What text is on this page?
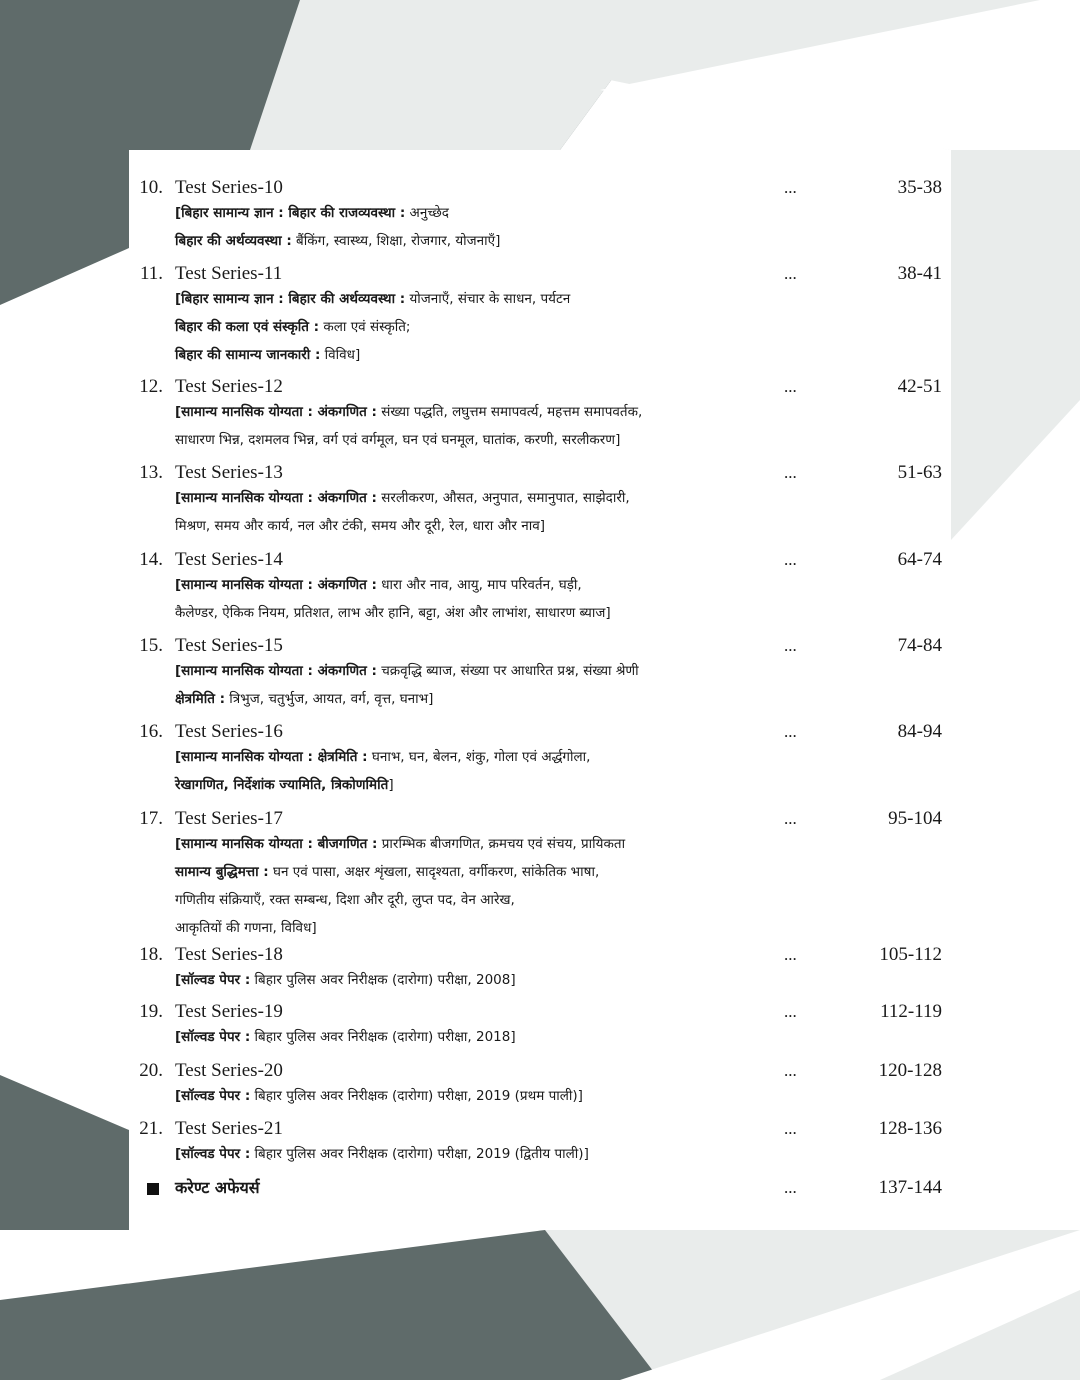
10. Test Series-10	...	35-38
[बिहार सामान्य ज्ञान : बिहार की राजव्यवस्था : अनुच्छेद
बिहार की अर्थव्यवस्था : बैंकिंग, स्वास्थ्य, शिक्षा, रोजगार, योजनाएँ]
11. Test Series-11	...	38-41
[बिहार सामान्य ज्ञान : बिहार की अर्थव्यवस्था : योजनाएँ, संचार के साधन, पर्यटन
बिहार की कला एवं संस्कृति : कला एवं संस्कृति;
बिहार की सामान्य जानकारी : विविध]
12. Test Series-12	...	42-51
[सामान्य मानसिक योग्यता : अंकगणित : संख्या पद्धति, लघुत्तम समापवर्त्य, महत्तम समापवर्तक,
साधारण भिन्न, दशमलव भिन्न, वर्ग एवं वर्गमूल, घन एवं घनमूल, घातांक, करणी, सरलीकरण]
13. Test Series-13	...	51-63
[सामान्य मानसिक योग्यता : अंकगणित : सरलीकरण, औसत, अनुपात, समानुपात, साझेदारी,
मिश्रण, समय और कार्य, नल और टंकी, समय और दूरी, रेल, धारा और नाव]
14. Test Series-14	...	64-74
[सामान्य मानसिक योग्यता : अंकगणित : धारा और नाव, आयु, माप परिवर्तन, घड़ी,
कैलेण्डर, ऐकिक नियम, प्रतिशत, लाभ और हानि, बट्टा, अंश और लाभांश, साधारण ब्याज]
15. Test Series-15	...	74-84
[सामान्य मानसिक योग्यता : अंकगणित : चक्रवृद्धि ब्याज, संख्या पर आधारित प्रश्न, संख्या श्रेणी
क्षेत्रमिति : त्रिभुज, चतुर्भुज, आयत, वर्ग, वृत्त, घनाभ]
16. Test Series-16	...	84-94
[सामान्य मानसिक योग्यता : क्षेत्रमिति : घनाभ, घन, बेलन, शंकु, गोला एवं अर्द्धगोला,
रेखागणित, निर्देशांक ज्यामिति, त्रिकोणमिति]
17. Test Series-17	...	95-104
[सामान्य मानसिक योग्यता : बीजगणित : प्रारम्भिक बीजगणित, क्रमचय एवं संचय, प्रायिकता
सामान्य बुद्धिमत्ता : घन एवं पासा, अक्षर शृंखला, सादृश्यता, वर्गीकरण, सांकेतिक भाषा,
गणितीय संक्रियाएँ, रक्त सम्बन्ध, दिशा और दूरी, लुप्त पद, वेन आरेख,
आकृतियों की गणना, विविध]
18. Test Series-18	...	105-112
[सॉल्वड पेपर : बिहार पुलिस अवर निरीक्षक (दारोगा) परीक्षा, 2008]
19. Test Series-19	...	112-119
[सॉल्वड पेपर : बिहार पुलिस अवर निरीक्षक (दारोगा) परीक्षा, 2018]
20. Test Series-20	...	120-128
[सॉल्वड पेपर : बिहार पुलिस अवर निरीक्षक (दारोगा) परीक्षा, 2019 (प्रथम पाली)]
21. Test Series-21	...	128-136
[सॉल्वड पेपर : बिहार पुलिस अवर निरीक्षक (दारोगा) परीक्षा, 2019 (द्वितीय पाली)]
करेण्ट अफेयर्स	...	137-144
